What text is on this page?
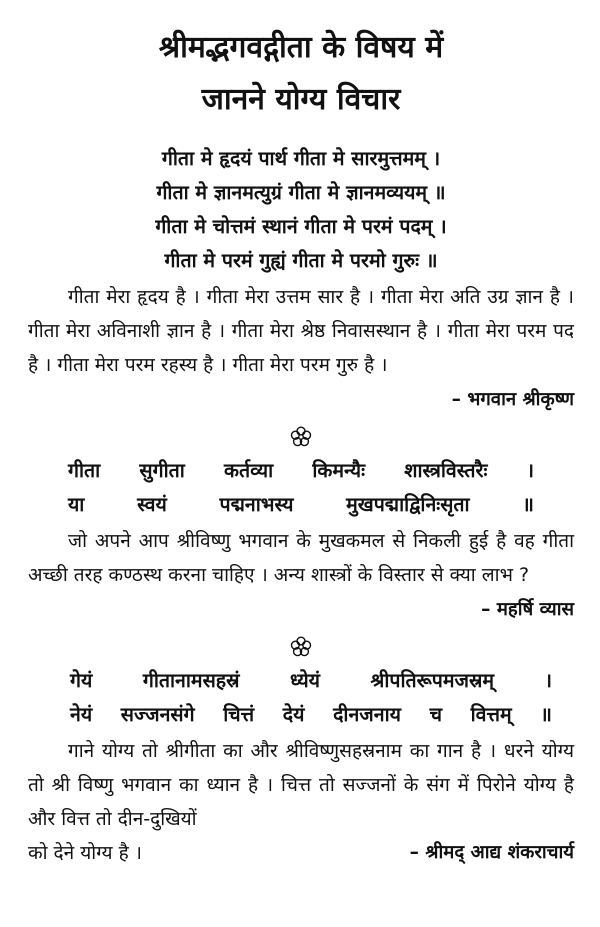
श्रीमद्भगवद्गीता के विषय में
जानने योग्य विचार
गीता मे हृदयं पार्थ गीता मे सारमुत्तमम् ।
गीता मे ज्ञानमत्युग्रं गीता मे ज्ञानमव्ययम् ॥
गीता मे चोत्तमं स्थानं गीता मे परमं पदम् ।
गीता मे परमं गुह्यं गीता मे परमो गुरुः ॥

गीता मेरा हृदय है । गीता मेरा उत्तम सार है । गीता मेरा अति उग्र ज्ञान है । गीता मेरा अविनाशी ज्ञान है । गीता मेरा श्रेष्ठ निवासस्थान है । गीता मेरा परम पद है । गीता मेरा परम रहस्य है । गीता मेरा परम गुरु है ।

– भगवान श्रीकृष्ण
गीता सुगीता कर्तव्या किमन्यैः शास्त्रविस्तरैः ।
या स्वयं पद्मनाभस्य मुखपद्माद्विनिःसृता ॥

जो अपने आप श्रीविष्णु भगवान के मुखकमल से निकली हुई है वह गीता अच्छी तरह कण्ठस्थ करना चाहिए । अन्य शास्त्रों के विस्तार से क्या लाभ ?

– महर्षि व्यास
गेयं गीतानामसहस्रं ध्येयं श्रीपतिरूपमजस्रम् ।
नेयं सज्जनसंगे चित्तं देयं दीनजनाय च वित्तम् ॥

गाने योग्य तो श्रीगीता का और श्रीविष्णुसहस्रनाम का गान है । धरने योग्य तो श्री विष्णु भगवान का ध्यान है । चित्त तो सज्जनों के संग में पिरोने योग्य है और वित्त तो दीन-दुखियों

को देने योग्य है ।	– श्रीमद् आद्य शंकराचार्य
